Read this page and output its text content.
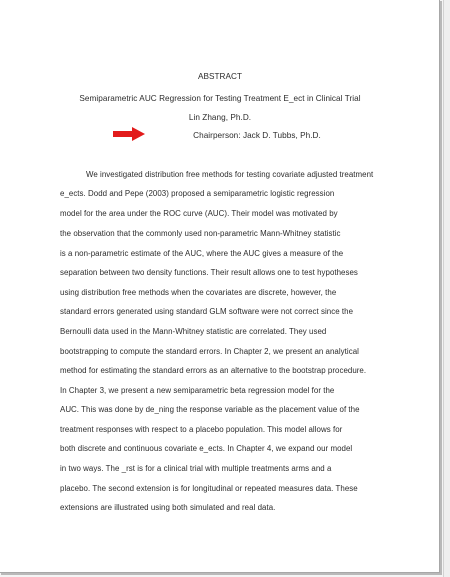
ABSTRACT
Semiparametric AUC Regression for Testing Treatment E_ect in Clinical Trial
Lin Zhang, Ph.D.
Chairperson: Jack D. Tubbs, Ph.D.
We investigated distribution free methods for testing covariate adjusted treatment
e_ects. Dodd and Pepe (2003) proposed a semiparametric logistic regression
model for the area under the ROC curve (AUC). Their model was motivated by
the observation that the commonly used non-parametric Mann-Whitney statistic
is a non-parametric estimate of the AUC, where the AUC gives a measure of the
separation between two density functions. Their result allows one to test hypotheses
using distribution free methods when the covariates are discrete, however, the
standard errors generated using standard GLM software were not correct since the
Bernoulli data used in the Mann-Whitney statistic are correlated. They used
bootstrapping to compute the standard errors. In Chapter 2, we present an analytical
method for estimating the standard errors as an alternative to the bootstrap procedure.
In Chapter 3, we present a new semiparametric beta regression model for the
AUC. This was done by de_ning the response variable as the placement value of the
treatment responses with respect to a placebo population. This model allows for
both discrete and continuous covariate e_ects. In Chapter 4, we expand our model
in two ways. The _rst is for a clinical trial with multiple treatments arms and a
placebo. The second extension is for longitudinal or repeated measures data. These
extensions are illustrated using both simulated and real data.
